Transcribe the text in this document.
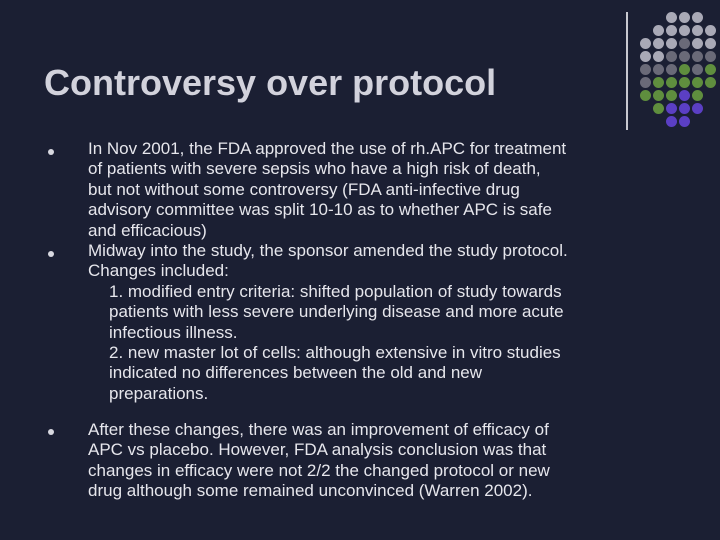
Controversy over protocol
In Nov 2001, the FDA approved the use of rh.APC for treatment
of patients with severe sepsis who have a high risk of death,
but not without some controversy (FDA anti-infective drug
advisory committee was split 10-10 as to whether APC is safe
and efficacious)
Midway into the study, the sponsor amended the study protocol.
Changes included:
1. modified entry criteria: shifted population of study towards
patients with less severe underlying disease and more acute
infectious illness.
2. new master lot of cells: although extensive in vitro studies
indicated no differences between the old and new
preparations.
After these changes, there was an improvement of efficacy of
APC vs placebo. However, FDA analysis conclusion was that
changes in efficacy were not 2/2 the changed protocol or new
drug although some remained unconvinced (Warren 2002).
